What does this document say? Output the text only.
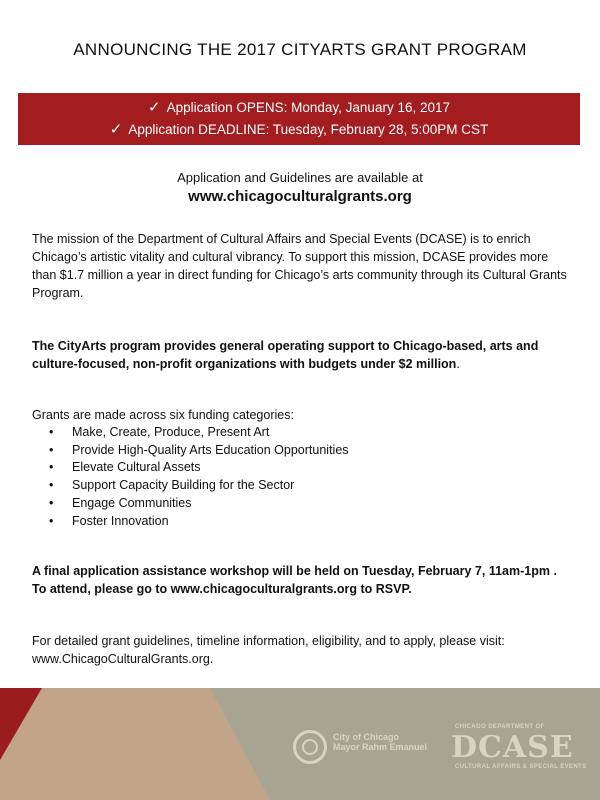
ANNOUNCING THE 2017 CITYARTS GRANT PROGRAM
✓ Application OPENS: Monday, January 16, 2017
✓ Application DEADLINE: Tuesday, February 28, 5:00PM CST
Application and Guidelines are available at
www.chicagoculturalgrants.org
The mission of the Department of Cultural Affairs and Special Events (DCASE) is to enrich Chicago’s artistic vitality and cultural vibrancy. To support this mission, DCASE provides more than $1.7 million a year in direct funding for Chicago’s arts community through its Cultural Grants Program.
The CityArts program provides general operating support to Chicago-based, arts and culture-focused, non-profit organizations with budgets under $2 million.
Grants are made across six funding categories:
• Make, Create, Produce, Present Art
• Provide High-Quality Arts Education Opportunities
• Elevate Cultural Assets
• Support Capacity Building for the Sector
• Engage Communities
• Foster Innovation
A final application assistance workshop will be held on Tuesday, February 7, 11am-1pm . To attend, please go to www.chicagoculturalgrants.org to RSVP.
For detailed grant guidelines, timeline information, eligibility, and to apply, please visit: www.ChicagoCulturalGrants.org.
City of Chicago
Mayor Rahm Emanuel
CHICAGO DEPARTMENT OF
DCASE
CULTURAL AFFAIRS & SPECIAL EVENTS
